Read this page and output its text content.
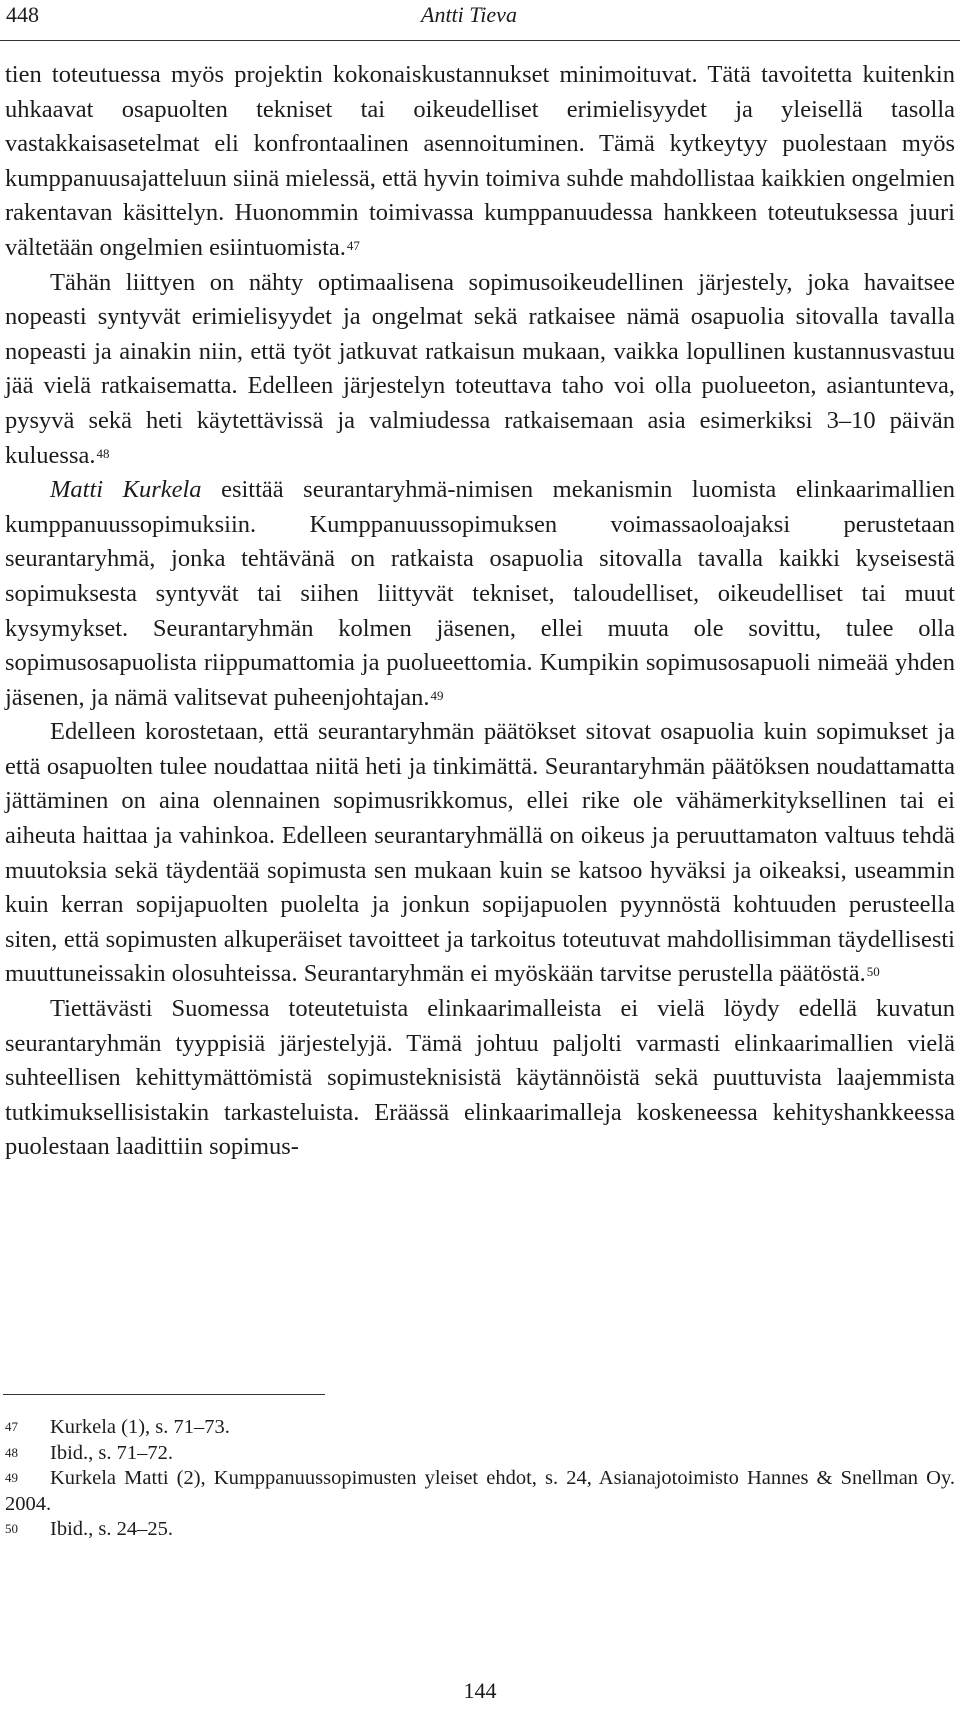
448	Antti Tieva

tien toteutuessa myös projektin kokonaiskustannukset minimoituvat. Tätä tavoitetta kuitenkin uhkaavat osapuolten tekniset tai oikeudelliset erimielisyydet ja yleisellä tasolla vastakkaisasetelmat eli konfrontaalinen asennoituminen. Tämä kytkeytyy puolestaan myös kumppanuusajatteluun siinä mielessä, että hyvin toimiva suhde mahdollistaa kaikkien ongelmien rakentavan käsittelyn. Huonommin toimivassa kumppanuudessa hankkeen toteutuksessa juuri vältetään ongelmien esiintuomista.$^{47}$

Tähän liittyen on nähty optimaalisena sopimusoikeudellinen järjestely, joka havaitsee nopeasti syntyvät erimielisyydet ja ongelmat sekä ratkaisee nämä osapuolia sitovalla tavalla nopeasti ja ainakin niin, että työt jatkuvat ratkaisun mukaan, vaikka lopullinen kustannusvastuu jää vielä ratkaisematta. Edelleen järjestelyn toteuttava taho voi olla puolueeton, asiantunteva, pysyvä sekä heti käytettävissä ja valmiudessa ratkaisemaan asia esimerkiksi 3–10 päivän kuluessa.$^{48}$

Matti Kurkela esittää seurantaryhmä-nimisen mekanismin luomista elinkaarimallien kumppanuussopimuksiin. Kumppanuussopimuksen voimassaoloajaksi perustetaan seurantaryhmä, jonka tehtävänä on ratkaista osapuolia sitovalla tavalla kaikki kyseisestä sopimuksesta syntyvät tai siihen liittyvät tekniset, taloudelliset, oikeudelliset tai muut kysymykset. Seurantaryhmän kolmen jäsenen, ellei muuta ole sovittu, tulee olla sopimusosapuolista riippumattomia ja puolueettomia. Kumpikin sopimusosapuoli nimeää yhden jäsenen, ja nämä valitsevat puheenjohtajan.$^{49}$

Edelleen korostetaan, että seurantaryhmän päätökset sitovat osapuolia kuin sopimukset ja että osapuolten tulee noudattaa niitä heti ja tinkimättä. Seurantaryhmän päätöksen noudattamatta jättäminen on aina olennainen sopimusrikkomus, ellei rike ole vähämerkityksellinen tai ei aiheuta haittaa ja vahinkoa. Edelleen seurantaryhmällä on oikeus ja peruuttamaton valtuus tehdä muutoksia sekä täydentää sopimusta sen mukaan kuin se katsoo hyväksi ja oikeaksi, useammin kuin kerran sopijapuolten puolelta ja jonkun sopijapuolen pyynnöstä kohtuuden perusteella siten, että sopimusten alkuperäiset tavoitteet ja tarkoitus toteutuvat mahdollisimman täydellisesti muuttuneissakin olosuhteissa. Seurantaryhmän ei myöskään tarvitse perustella päätöstä.$^{50}$

Tiettävästi Suomessa toteutetuista elinkaarimalleista ei vielä löydy edellä kuvatun seurantaryhmän tyyppisiä järjestelyjä. Tämä johtuu paljolti varmasti elinkaarimallien vielä suhteellisen kehittymättömistä sopimusteknisistä käytännöistä sekä puuttuvista laajemmista tutkimuksellisistakin tarkasteluista. Eräässä elinkaarimalleja koskeneessa kehityshankkeessa puolestaan laadittiin sopimus-

47 Kurkela (1), s. 71–73.

48 Ibid., s. 71–72.

49 Kurkela Matti (2), Kumppanuussopimusten yleiset ehdot, s. 24, Asianajotoimisto Hannes & Snellman Oy. 2004.

50 Ibid., s. 24–25.

144
